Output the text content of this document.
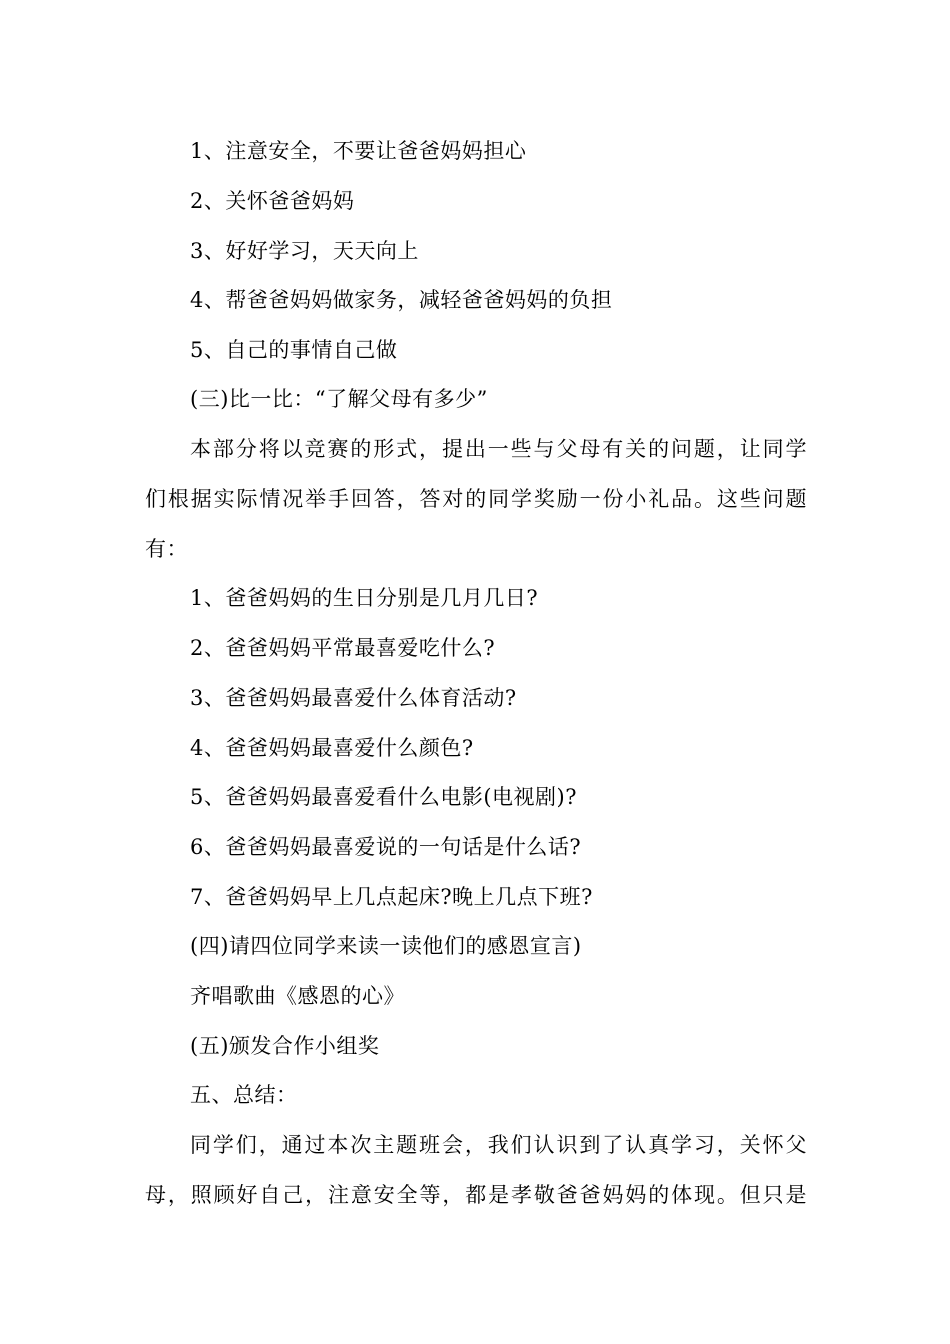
1、注意安全，不要让爸爸妈妈担心
2、关怀爸爸妈妈
3、好好学习，天天向上
4、帮爸爸妈妈做家务，减轻爸爸妈妈的负担
5、自己的事情自己做
(三)比一比：“了解父母有多少”
本部分将以竞赛的形式，提出一些与父母有关的问题，让同学
们根据实际情况举手回答，答对的同学奖励一份小礼品。这些问题
有：
1、爸爸妈妈的生日分别是几月几日?
2、爸爸妈妈平常最喜爱吃什么?
3、爸爸妈妈最喜爱什么体育活动?
4、爸爸妈妈最喜爱什么颜色?
5、爸爸妈妈最喜爱看什么电影(电视剧)?
6、爸爸妈妈最喜爱说的一句话是什么话?
7、爸爸妈妈早上几点起床?晚上几点下班?
(四)请四位同学来读一读他们的感恩宣言)
齐唱歌曲《感恩的心》
(五)颁发合作小组奖
五、总结：
同学们，通过本次主题班会，我们认识到了认真学习，关怀父
母，照顾好自己，注意安全等，都是孝敬爸爸妈妈的体现。但只是
